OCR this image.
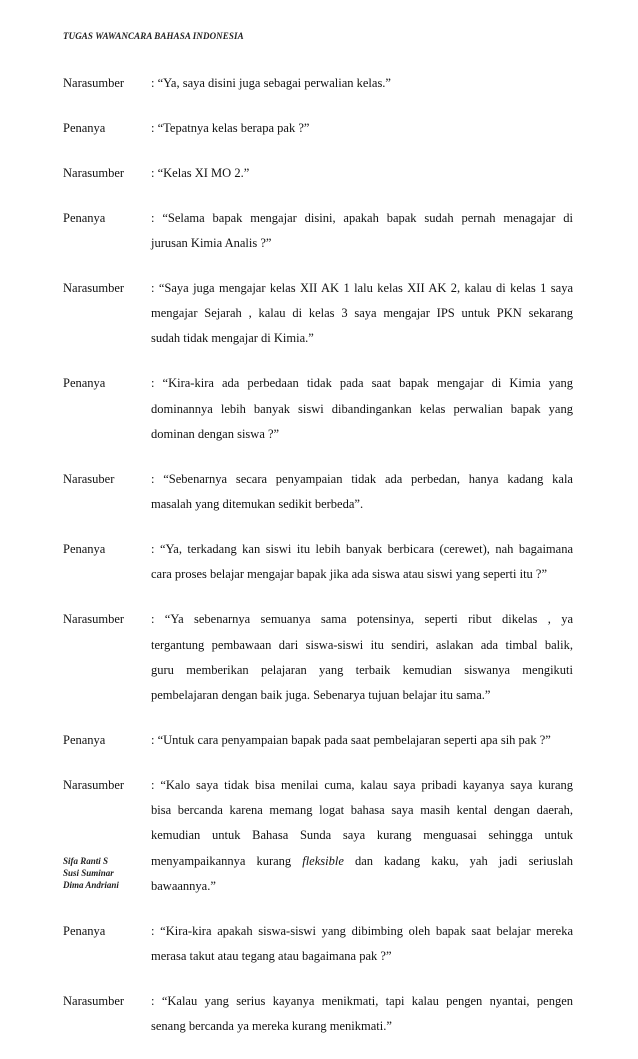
TUGAS WAWANCARA BAHASA INDONESIA
Narasumber : “Ya, saya disini juga sebagai perwalian kelas.”
Penanya	: “Tepatnya kelas berapa pak ?”
Narasumber : “Kelas XI MO 2.”
Penanya	: “Selama bapak mengajar disini, apakah bapak sudah pernah menagajar di
jurusan Kimia Analis ?”
Narasumber : “Saya juga mengajar kelas XII AK 1 lalu kelas XII AK 2, kalau di kelas 1 saya
mengajar Sejarah , kalau di kelas 3 saya mengajar IPS untuk PKN sekarang
sudah tidak mengajar di Kimia.”
Penanya	: “Kira-kira ada perbedaan tidak pada saat bapak mengajar di Kimia yang
dominannya lebih banyak siswi dibandingankan kelas perwalian bapak yang
dominan dengan siswa ?”
Narasuber	: “Sebenarnya secara penyampaian tidak ada perbedan, hanya kadang kala
masalah yang ditemukan sedikit berbeda”.
Penanya	: “Ya, terkadang kan siswi itu lebih banyak berbicara (cerewet), nah bagaimana
cara proses belajar mengajar bapak jika ada siswa atau siswi yang seperti itu ?”
Narasumber : “Ya sebenarnya semuanya sama potensinya, seperti ribut dikelas , ya
tergantung pembawaan dari siswa-siswi itu sendiri, aslakan ada timbal balik,
guru memberikan pelajaran yang terbaik kemudian siswanya mengikuti
pembelajaran dengan baik juga. Sebenarya tujuan belajar itu sama.”
Penanya	: “Untuk cara penyampaian bapak pada saat pembelajaran seperti apa sih pak ?”
Narasumber : “Kalo saya tidak bisa menilai cuma, kalau saya pribadi kayanya saya kurang
bisa bercanda karena memang logat bahasa saya masih kental dengan daerah,
kemudian untuk Bahasa Sunda saya kurang menguasai sehingga untuk
menyampaikannya kurang fleksible dan kadang kaku, yah jadi seriuslah
bawaannya.”
Penanya	: “Kira-kira apakah siswa-siswi yang dibimbing oleh bapak saat belajar mereka
merasa takut atau tegang atau bagaimana pak ?”
Narasumber : “Kalau yang serius kayanya menikmati, tapi kalau pengen nyantai, pengen
senang bercanda ya mereka kurang menikmati.”
Sifa Ranti S
Susi Suminar
Dima Andriani
